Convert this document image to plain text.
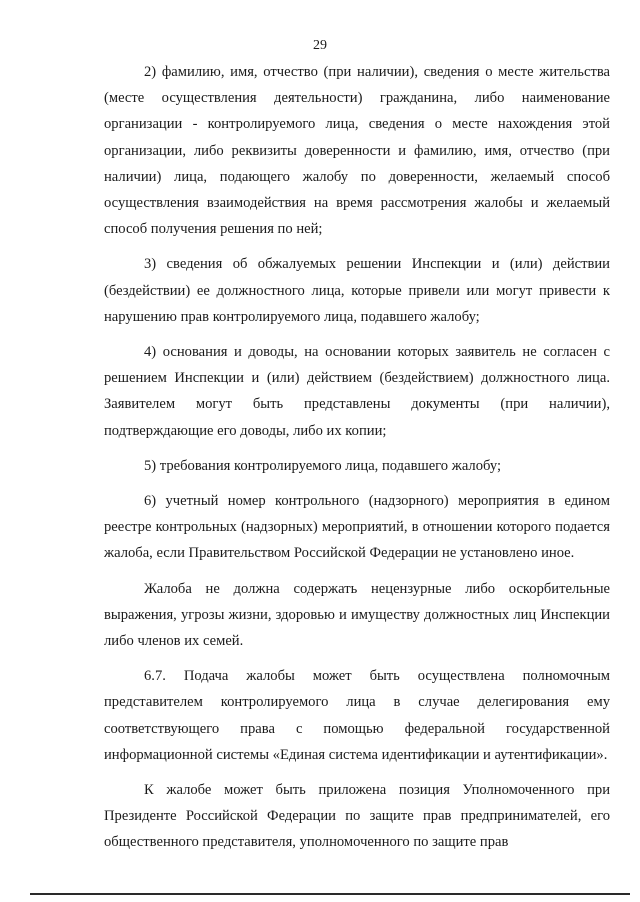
29

2) фамилию, имя, отчество (при наличии), сведения о месте жительства (месте осуществления деятельности) гражданина, либо наименование организации - контролируемого лица, сведения о месте нахождения этой организации, либо реквизиты доверенности и фамилию, имя, отчество (при наличии) лица, подающего жалобу по доверенности, желаемый способ осуществления взаимодействия на время рассмотрения жалобы и желаемый способ получения решения по ней;

3) сведения об обжалуемых решении Инспекции и (или) действии (бездействии) ее должностного лица, которые привели или могут привести к нарушению прав контролируемого лица, подавшего жалобу;

4) основания и доводы, на основании которых заявитель не согласен с решением Инспекции и (или) действием (бездействием) должностного лица. Заявителем могут быть представлены документы (при наличии), подтверждающие его доводы, либо их копии;

5) требования контролируемого лица, подавшего жалобу;

6) учетный номер контрольного (надзорного) мероприятия в едином реестре контрольных (надзорных) мероприятий, в отношении которого подается жалоба, если Правительством Российской Федерации не установлено иное.

Жалоба не должна содержать нецензурные либо оскорбительные выражения, угрозы жизни, здоровью и имуществу должностных лиц Инспекции либо членов их семей.

6.7. Подача жалобы может быть осуществлена полномочным представителем контролируемого лица в случае делегирования ему соответствующего права с помощью федеральной государственной информационной системы «Единая система идентификации и аутентификации».

К жалобе может быть приложена позиция Уполномоченного при Президенте Российской Федерации по защите прав предпринимателей, его общественного представителя, уполномоченного по защите прав
